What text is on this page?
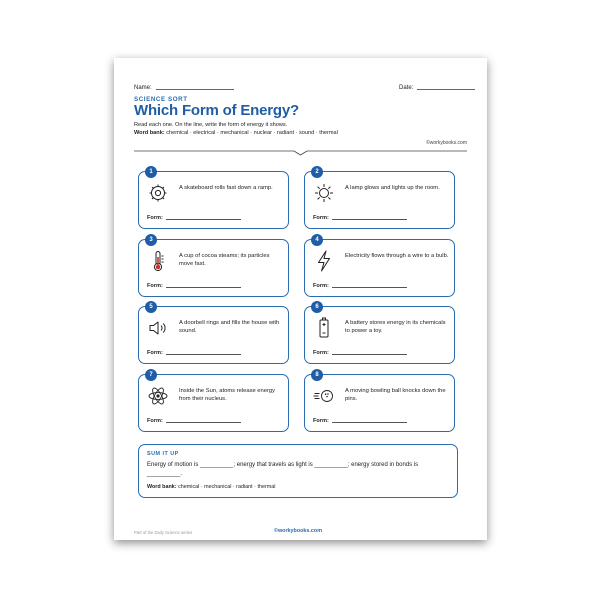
Name:	Date:
SCIENCE SORT
Which Form of Energy?
Read each one. On the line, write the form of energy it shows.
Word bank: chemical · electrical · mechanical · nuclear · radiant · sound · thermal
©workybooks.com
1
A skateboard rolls fast down a ramp.
Form:
2
A lamp glows and lights up the room.
Form:
3
A cup of cocoa steams; its particles move fast.
Form:
4
Electricity flows through a wire to a bulb.
Form:
5
A doorbell rings and fills the house with sound.
Form:
6
A battery stores energy in its chemicals to power a toy.
Form:
7
Inside the Sun, atoms release energy from their nucleus.
Form:
8
A moving bowling ball knocks down the pins.
Form:
SUM IT UP
Energy of motion is __________; energy that travels as light is __________; energy stored in bonds is __________.
Word bank: chemical · mechanical · radiant · thermal
Part of the Daily Science series	©workybooks.com
